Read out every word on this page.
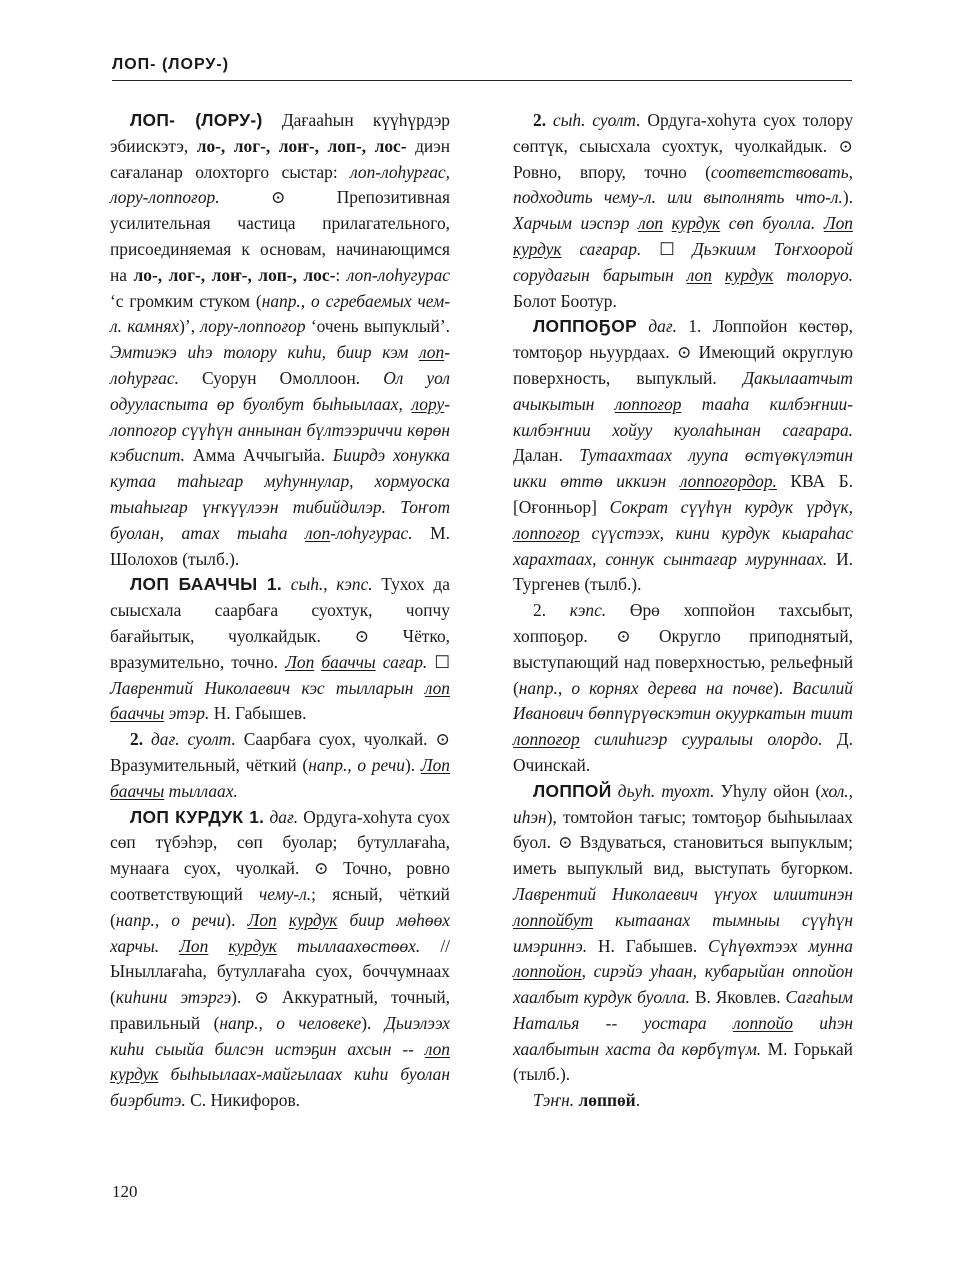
ЛОП- (ЛОРУ-)

ЛОП- (ЛОРУ-) Дағааһын күүһүрдэр эбиискэтэ, ло-, лог-, лоҥ-, лоп-, лос- диэн сағаланар олохторго сыстар: лоп-лоһурғас, лору-лоппоғор. ⊙ Препозитивная усилительная частица прилагательного, присоединяемая к основам, начинающимся на ло-, лог-, лоҥ-, лоп-, лос-: лоп-лоһугурас ‘с громким стуком (напр., о сгребаемых чем-л. камнях)’, лору-лоппоғор ‘очень выпуклый’. Эмтиэкэ иһэ толору киһи, биир кэм лоп-лоһурғас. Суорун Омоллоон. Ол уол одууласпыта өр буолбут быһыылаах, лору-лоппоғор сүүһүн аннынан бүлтээриччи көрөн кэбиспит. Амма Аччыгыйа. Биирдэ хонукка кутаа таһыгар муһуннулар, хормуоска тыаһыгар үҥкүүлээн тибийдилэр. Тоҥот буолан, атах тыаһа лоп-лоһугурас. М. Шолохов (тылб.).

ЛОП БААЧЧЫ 1. сыһ., кэпс. Тухох да сыысхала саарбаға суохтук, чопчу бағайытык, чуолкайдык. ⊙ Чётко, вразумительно, точно. Лоп бааччы сағар. ☐ Лаврентий Николаевич кэс тылларын лоп бааччы этэр. Н. Габышев.

2. дағ. суолт. Саарбаға суох, чуолкай. ⊙ Вразумительный, чёткий (напр., о речи). Лоп бааччы тыллаах.

ЛОП КУРДУК 1. дағ. Ордуга-хоһута суох сөп түбэһэр, сөп буолар; бутуллағаһа, мунааға суох, чуолкай. ⊙ Точно, ровно соответствующий чему-л.; ясный, чёткий (напр., о речи). Лоп курдук биир мөһөөх харчы. Лоп курдук тыллаахөстөөх. // Ыныллағаһа, бутуллағаһа суох, боччумнаах (киһини этэргэ). ⊙ Аккуратный, точный, правильный (напр., о человеке). Дьиэлээх киһи сыыйа билсэн истэҕин ахсын -- лоп курдук быһыылаах-майгылаах киһи буолан биэрбитэ. С. Никифоров.

2. сыһ. суолт. Ордуга-хоһута суох толору сөптүк, сыысхала суохтук, чуолкайдык. ⊙ Ровно, впору, точно (соответствовать, подходить чему-л. или выполнять что-л.). Харчым иэспэр лоп курдук сөп буолла. Лоп курдук сағарар. ☐ Дьэкиим Тоҥхоорой сорудағын барытын лоп курдук толоруо. Болот Боотур.

ЛОППОҔОР дағ. 1. Лоппойон көстөр, томтоҕор ньуурдаах. ⊙ Имеющий округлую поверхность, выпуклый. Дакылаатчыт ачыкытын лоппоғор тааһа килбэҥнии-килбэҥнии хойуу куолаһынан сағарара. Далан. Тутаахтаах луупа өстүөкүлэтин икки өттө иккиэн лоппоғордор. КВА Б. [Оғонньор] Сократ сүүһүн курдук үрдүк, лоппоғор сүүстээх, кини курдук кыараһас харахтаах, соннук сынтағар муруннаах. И. Тургенев (тылб.).

2. кэпс. Өрө хоппойон тахсыбыт, хоппоҕор. ⊙ Округло приподнятый, выступающий над поверхностью, рельефный (напр., о корнях дерева на почве). Василий Иванович бөппүрүөскэтин окууркатын тиит лоппоғор силиһигэр сууралыы олордо. Д. Очинскай.

ЛОППОЙ дьуһ. туохт. Уһулу ойон (хол., иһэн), томтойон тағыс; томтоҕор быһыылаах буол. ⊙ Вздуваться, становиться выпуклым; иметь выпуклый вид, выступать бугорком. Лаврентий Николаевич үҥуох илиитинэн лоппойбут кытаанах тымныы сүүһүн имэриннэ. Н. Габышев. Сүһүөхтээх мунна лоппойон, сирэйэ уһаан, кубарыйан оппойон хаалбыт курдук буолла. В. Яковлев. Сағаһым Наталья -- уостара лоппойо иһэн хаалбытын хаста да көрбүтүм. М. Горькай (тылб.).

Тэҥн. лөппөй.

120
